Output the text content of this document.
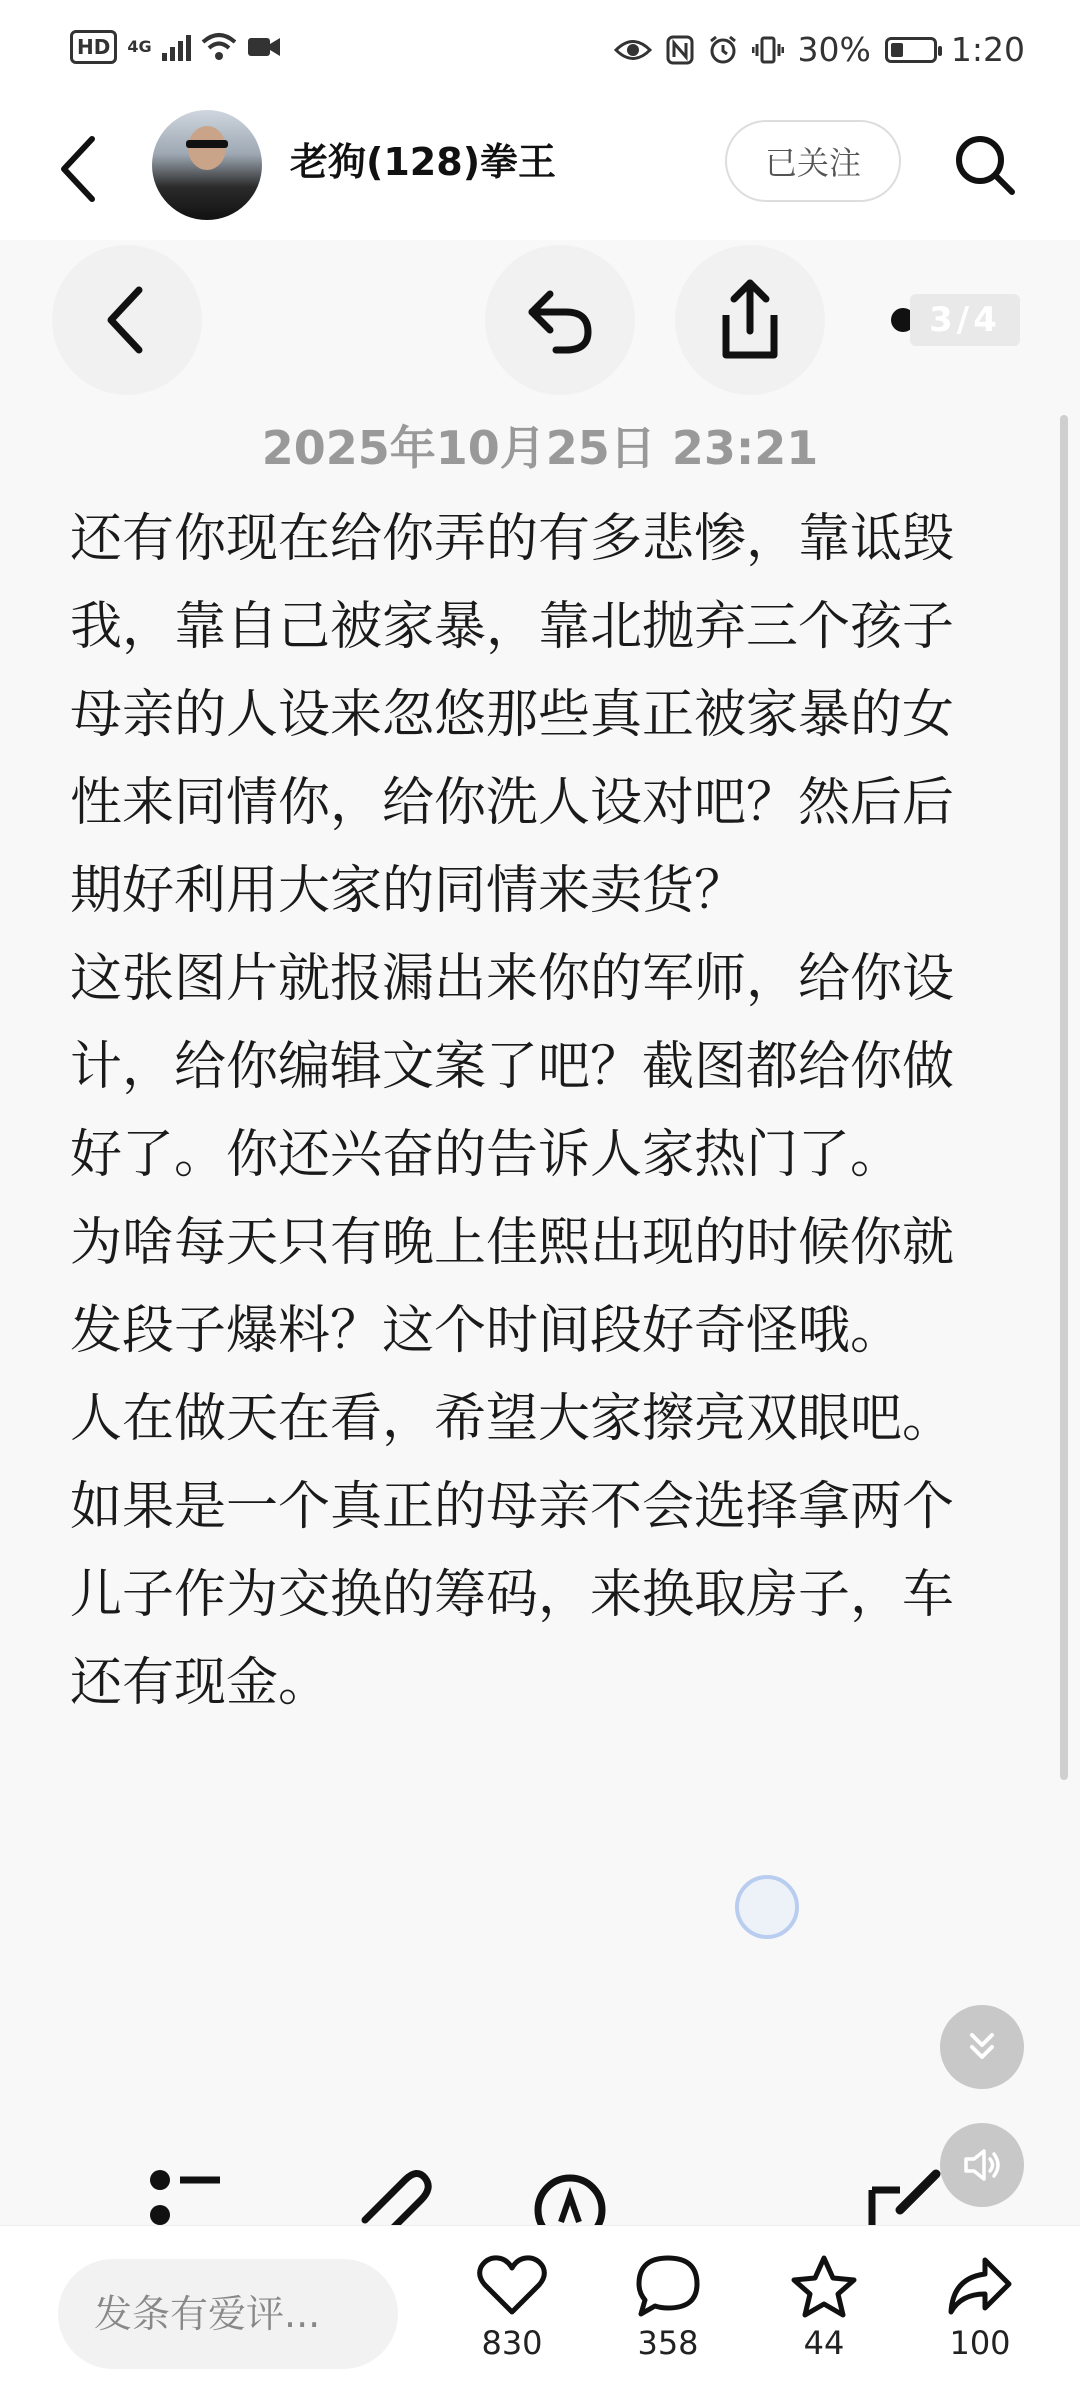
HD	4G	30% 1:20
老狗(128)拳王	已关注
3/4
2025年10月25日 23:21

还有你现在给你弄的有多悲惨，靠诋毁我，靠自己被家暴，靠北抛弃三个孩子母亲的人设来忽悠那些真正被家暴的女性来同情你，给你洗人设对吧？然后后期好利用大家的同情来卖货？

这张图片就报漏出来你的军师，给你设计，给你编辑文案了吧？截图都给你做好了。你还兴奋的告诉人家热门了。

为啥每天只有晚上佳熙出现的时候你就发段子爆料？这个时间段好奇怪哦。

人在做天在看，希望大家擦亮双眼吧。如果是一个真正的母亲不会选择拿两个儿子作为交换的筹码，来换取房子，车还有现金。

发条有爱评...
830	358	44	100
